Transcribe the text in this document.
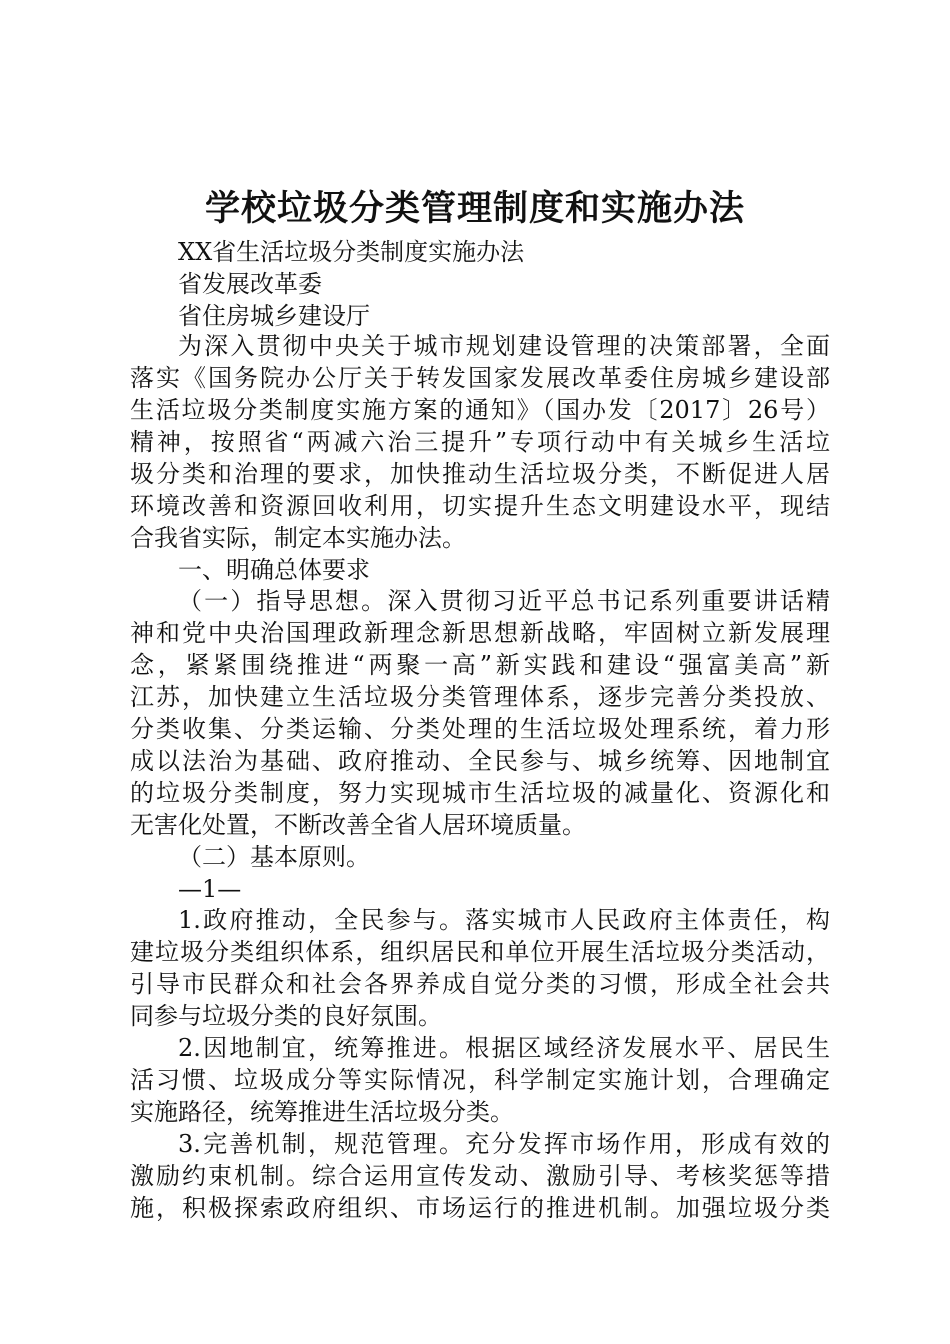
学校垃圾分类管理制度和实施办法
XX省生活垃圾分类制度实施办法
省发展改革委
省住房城乡建设厅
为深入贯彻中央关于城市规划建设管理的决策部署，全面
落实《国务院办公厅关于转发国家发展改革委住房城乡建设部
生活垃圾分类制度实施方案的通知》（国办发〔2017〕26号）
精神，按照省“两减六治三提升”专项行动中有关城乡生活垃
圾分类和治理的要求，加快推动生活垃圾分类，不断促进人居
环境改善和资源回收利用，切实提升生态文明建设水平，现结
合我省实际，制定本实施办法。
一、明确总体要求
（一）指导思想。深入贯彻习近平总书记系列重要讲话精
神和党中央治国理政新理念新思想新战略，牢固树立新发展理
念，紧紧围绕推进“两聚一高”新实践和建设“强富美高”新
江苏，加快建立生活垃圾分类管理体系，逐步完善分类投放、
分类收集、分类运输、分类处理的生活垃圾处理系统，着力形
成以法治为基础、政府推动、全民参与、城乡统筹、因地制宜
的垃圾分类制度，努力实现城市生活垃圾的减量化、资源化和
无害化处置，不断改善全省人居环境质量。
（二）基本原则。
—1—
1.政府推动，全民参与。落实城市人民政府主体责任，构
建垃圾分类组织体系，组织居民和单位开展生活垃圾分类活动，
引导市民群众和社会各界养成自觉分类的习惯，形成全社会共
同参与垃圾分类的良好氛围。
2.因地制宜，统筹推进。根据区域经济发展水平、居民生
活习惯、垃圾成分等实际情况，科学制定实施计划，合理确定
实施路径，统筹推进生活垃圾分类。
3.完善机制，规范管理。充分发挥市场作用，形成有效的
激励约束机制。综合运用宣传发动、激励引导、考核奖惩等措
施，积极探索政府组织、市场运行的推进机制。加强垃圾分类
